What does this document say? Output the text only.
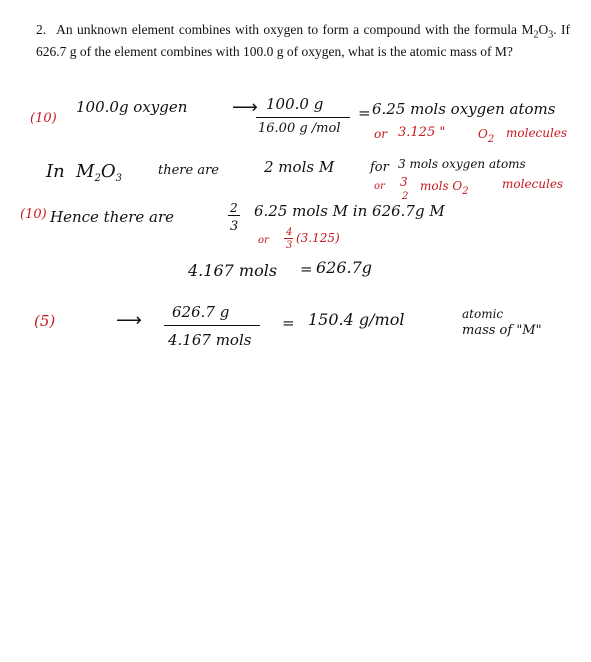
2. An unknown element combines with oxygen to form a compound with the formula $M_2O_3$. If 626.7 g of the element combines with 100.0 g of oxygen, what is the atomic mass of M?
(10)
100.0g oxygen ⟶ 100.0 g
16.00 g /mol
= 6.25 mols oxygen atoms
or 3.125 "	$O_2$ molecules
In $M_2O_3$
there are	2 mols M	for 3 mols oxygen atoms
or 3
2
mols $O_2$
molecules
(10) Hence there are	2
3
6.25 mols M in 626.7g M
or
4
3
(3.125)
4.167 mols = 626.7g
(5)	⟶ 626.7 g
4.167 mols
= 150.4 g/mol	atomic
mass of "M"
